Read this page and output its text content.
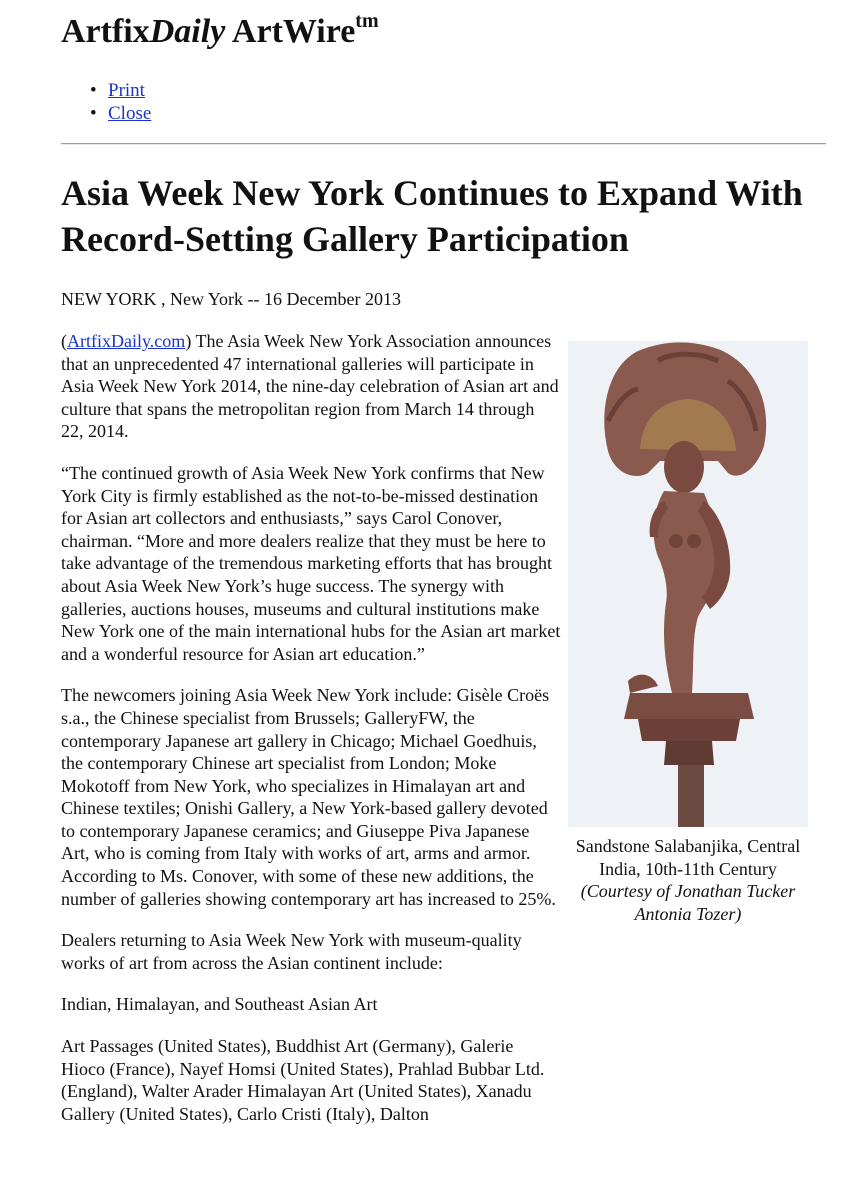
ArtfixDaily ArtWire$^{tm}$
• Print
• Close
Asia Week New York Continues to Expand With Record-Setting Gallery Participation
NEW YORK , New York -- 16 December 2013

(ArtfixDaily.com) The Asia Week New York Association announces that an unprecedented 47 international galleries will participate in Asia Week New York 2014, the nine-day celebration of Asian art and culture that spans the metropolitan region from March 14 through 22, 2014.

“The continued growth of Asia Week New York confirms that New York City is firmly established as the not-to-be-missed destination for Asian art collectors and enthusiasts,” says Carol Conover, chairman. “More and more dealers realize that they must be here to take advantage of the tremendous marketing efforts that has brought about Asia Week New York’s huge success. The synergy with galleries, auctions houses, museums and cultural institutions make New York one of the main international hubs for the Asian art market and a wonderful resource for Asian art education.”

The newcomers joining Asia Week New York include: Gisèle Croës s.a., the Chinese specialist from Brussels; GalleryFW, the contemporary Japanese art gallery in Chicago; Michael Goedhuis, the contemporary Chinese art specialist from London; Moke Mokotoff from New York, who specializes in Himalayan art and Chinese textiles; Onishi Gallery, a New York-based gallery devoted to contemporary Japanese ceramics; and Giuseppe Piva Japanese Art, who is coming from Italy with works of art, arms and armor. According to Ms. Conover, with some of these new additions, the number of galleries showing contemporary art has increased to 25%.

Dealers returning to Asia Week New York with museum-quality works of art from across the Asian continent include:

Indian, Himalayan, and Southeast Asian Art

Art Passages (United States), Buddhist Art (Germany), Galerie Hioco (France), Nayef Homsi (United States), Prahlad Bubbar Ltd. (England), Walter Arader Himalayan Art (United States), Xanadu Gallery (United States), Carlo Cristi (Italy), Dalton

Sandstone Salabanjika, Central India, 10th-11th Century
(Courtesy of Jonathan Tucker Antonia Tozer)
